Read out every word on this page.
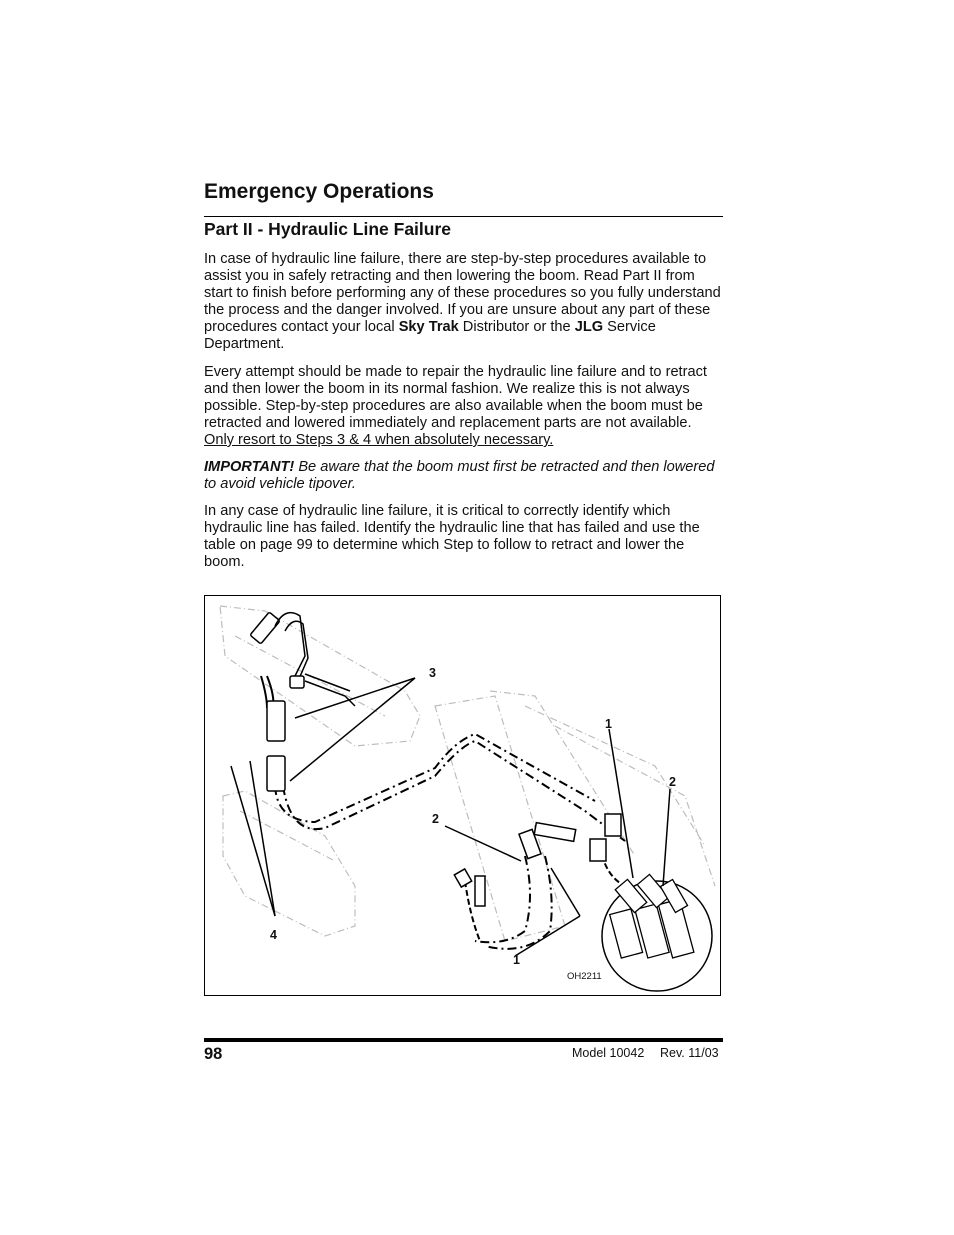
Emergency Operations
Part II - Hydraulic Line Failure

In case of hydraulic line failure, there are step-by-step procedures available to assist you in safely retracting and then lowering the boom. Read Part II from start to finish before performing any of these procedures so you fully understand the process and the danger involved. If you are unsure about any part of these procedures contact your local Sky Trak Distributor or the JLG Service Department.

Every attempt should be made to repair the hydraulic line failure and to retract and then lower the boom in its normal fashion. We realize this is not always possible. Step-by-step procedures are also available when the boom must be retracted and lowered immediately and replacement parts are not available. Only resort to Steps 3 & 4 when absolutely necessary.

IMPORTANT! Be aware that the boom must first be retracted and then lowered to avoid vehicle tipover.

In any case of hydraulic line failure, it is critical to correctly identify which hydraulic line has failed. Identify the hydraulic line that has failed and use the table on page 99 to determine which Step to follow to retract and lower the boom.

3
1
2
2
4
1
OH2211
98	Model 10042 Rev. 11/03
